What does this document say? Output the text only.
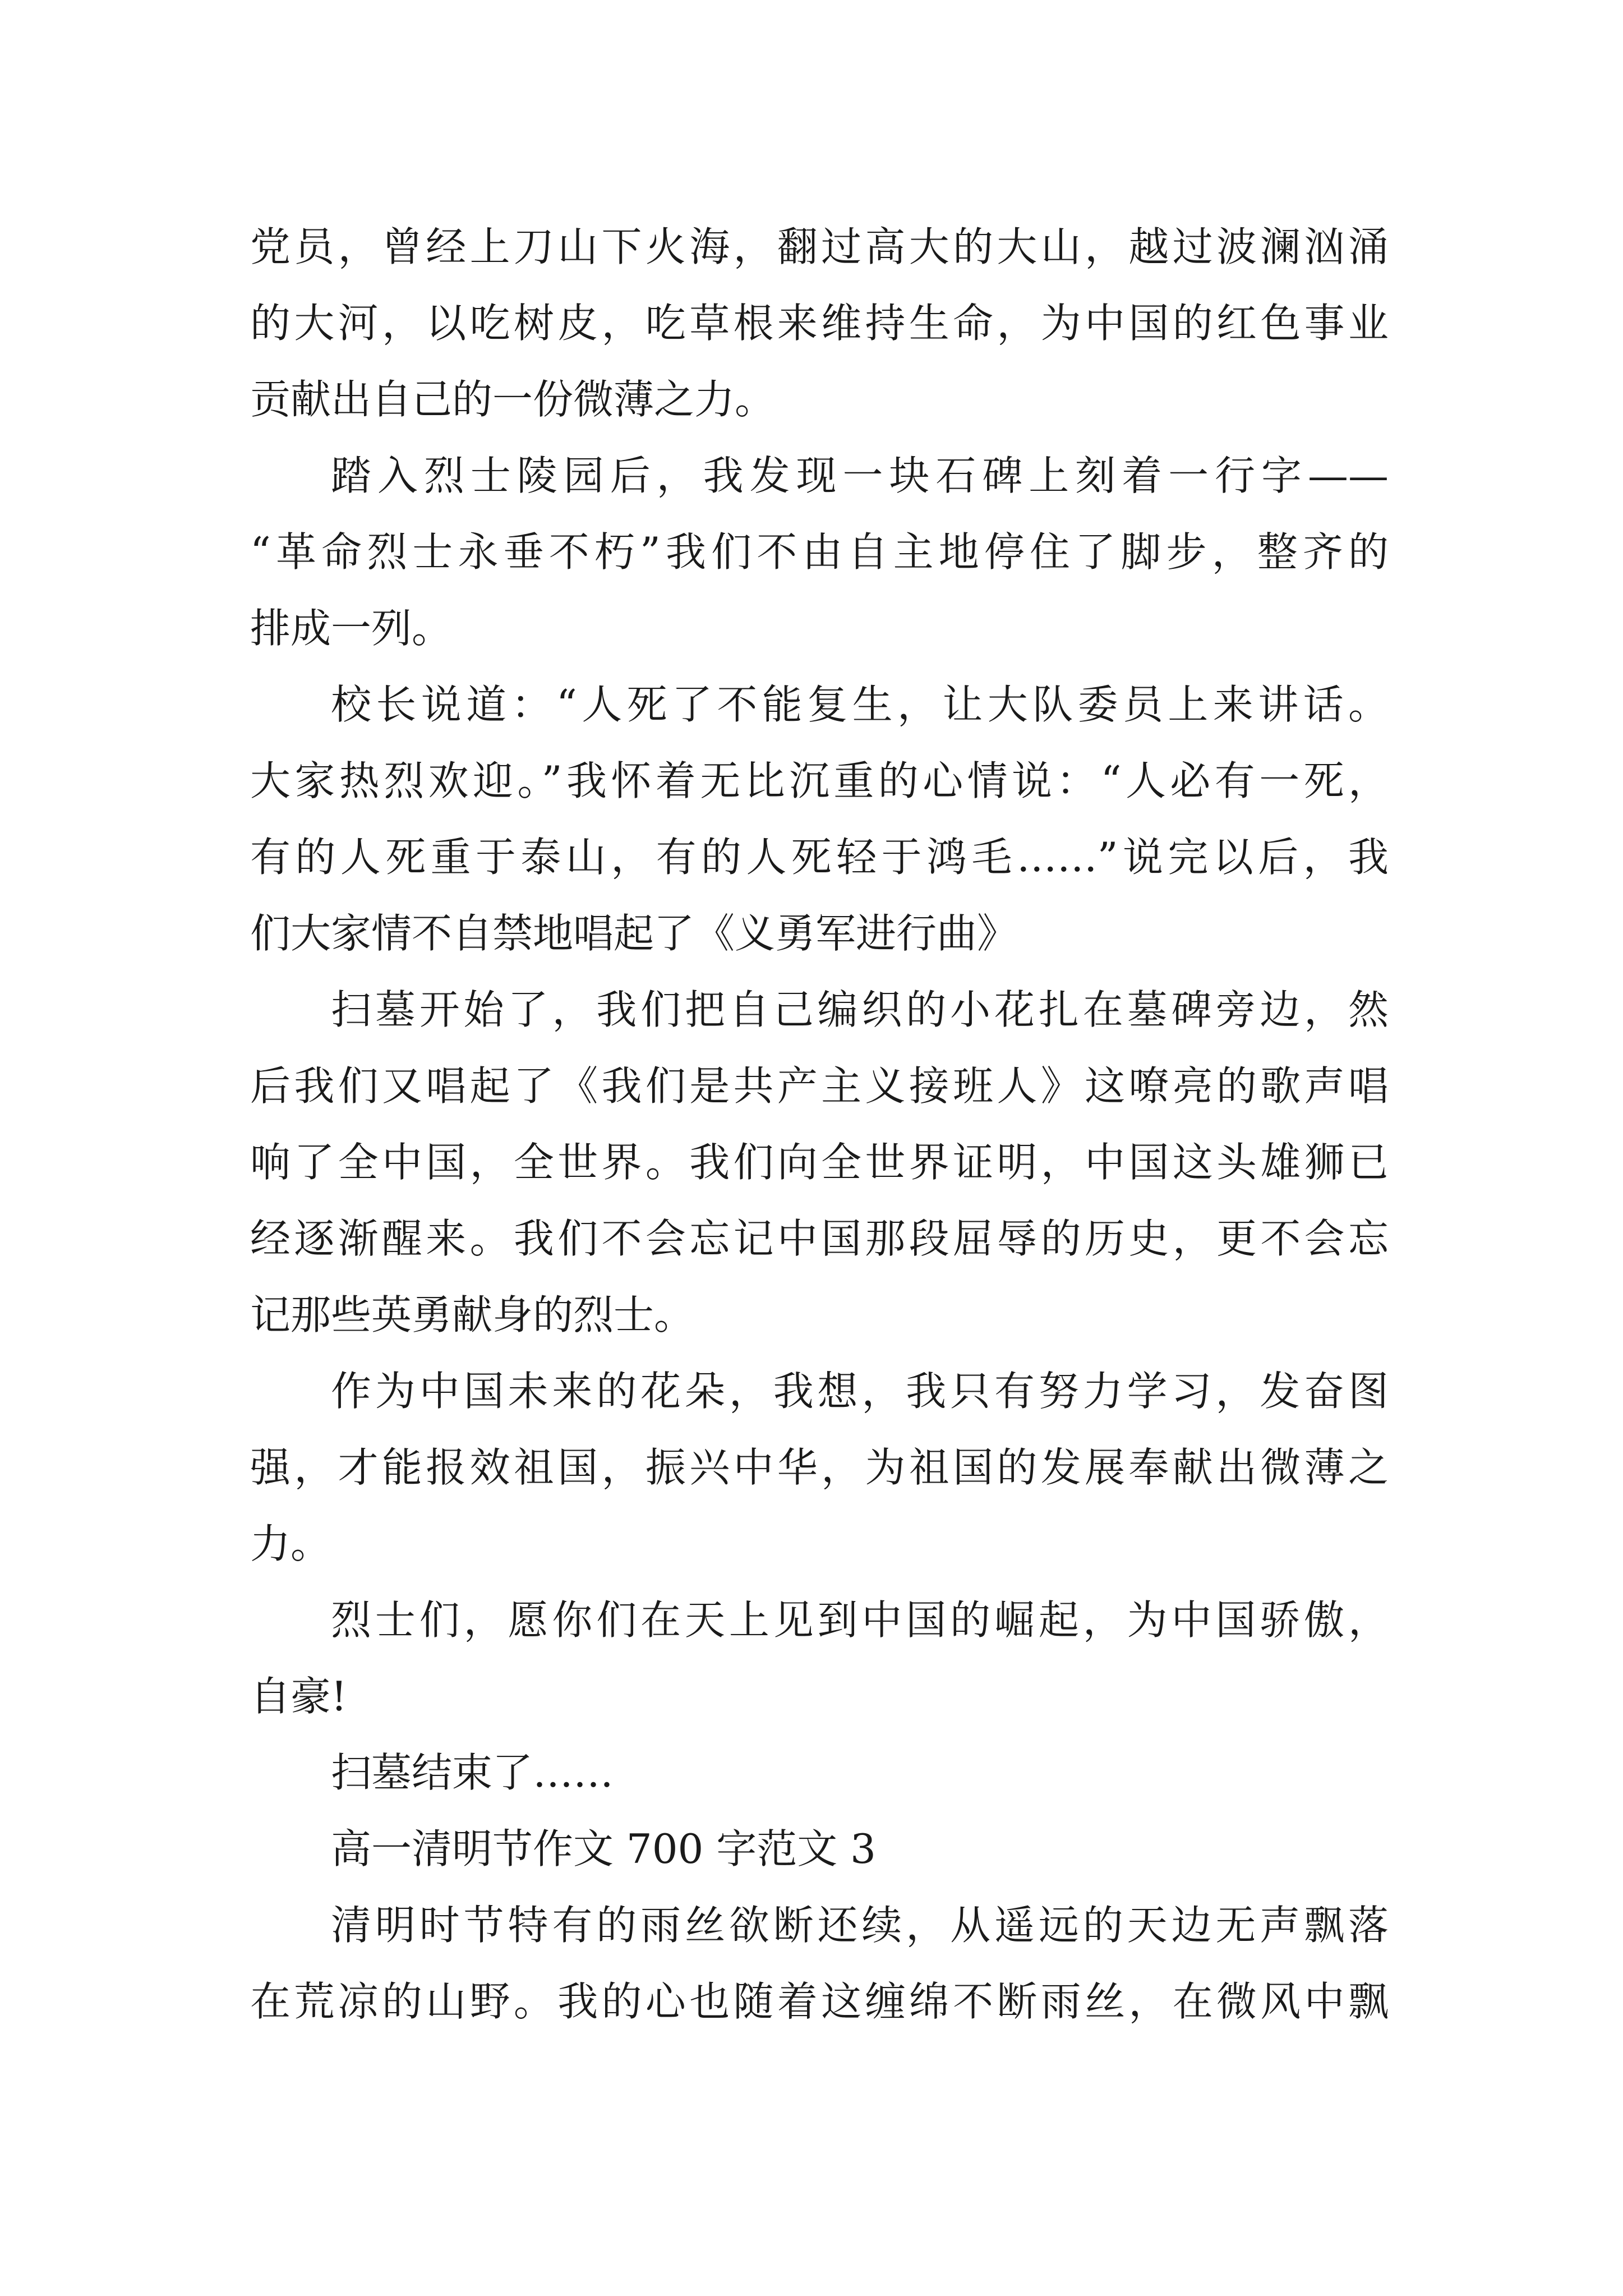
党员，曾经上刀山下火海，翻过高大的大山，越过波澜汹涌
的大河，以吃树皮，吃草根来维持生命，为中国的红色事业
贡献出自己的一份微薄之力。

踏入烈士陵园后，我发现一块石碑上刻着一行字——
“革命烈士永垂不朽”我们不由自主地停住了脚步，整齐的
排成一列。

校长说道：“人死了不能复生，让大队委员上来讲话。
大家热烈欢迎。”我怀着无比沉重的心情说：“人必有一死，
有的人死重于泰山，有的人死轻于鸿毛……”说完以后，我
们大家情不自禁地唱起了《义勇军进行曲》

扫墓开始了，我们把自己编织的小花扎在墓碑旁边，然
后我们又唱起了《我们是共产主义接班人》这嘹亮的歌声唱
响了全中国，全世界。我们向全世界证明，中国这头雄狮已
经逐渐醒来。我们不会忘记中国那段屈辱的历史，更不会忘
记那些英勇献身的烈士。

作为中国未来的花朵，我想，我只有努力学习，发奋图
强，才能报效祖国，振兴中华，为祖国的发展奉献出微薄之
力。

烈士们，愿你们在天上见到中国的崛起，为中国骄傲，
自豪!

扫墓结束了……

高一清明节作文 700 字范文 3

清明时节特有的雨丝欲断还续，从遥远的天边无声飘落
在荒凉的山野。我的心也随着这缠绵不断雨丝，在微风中飘
